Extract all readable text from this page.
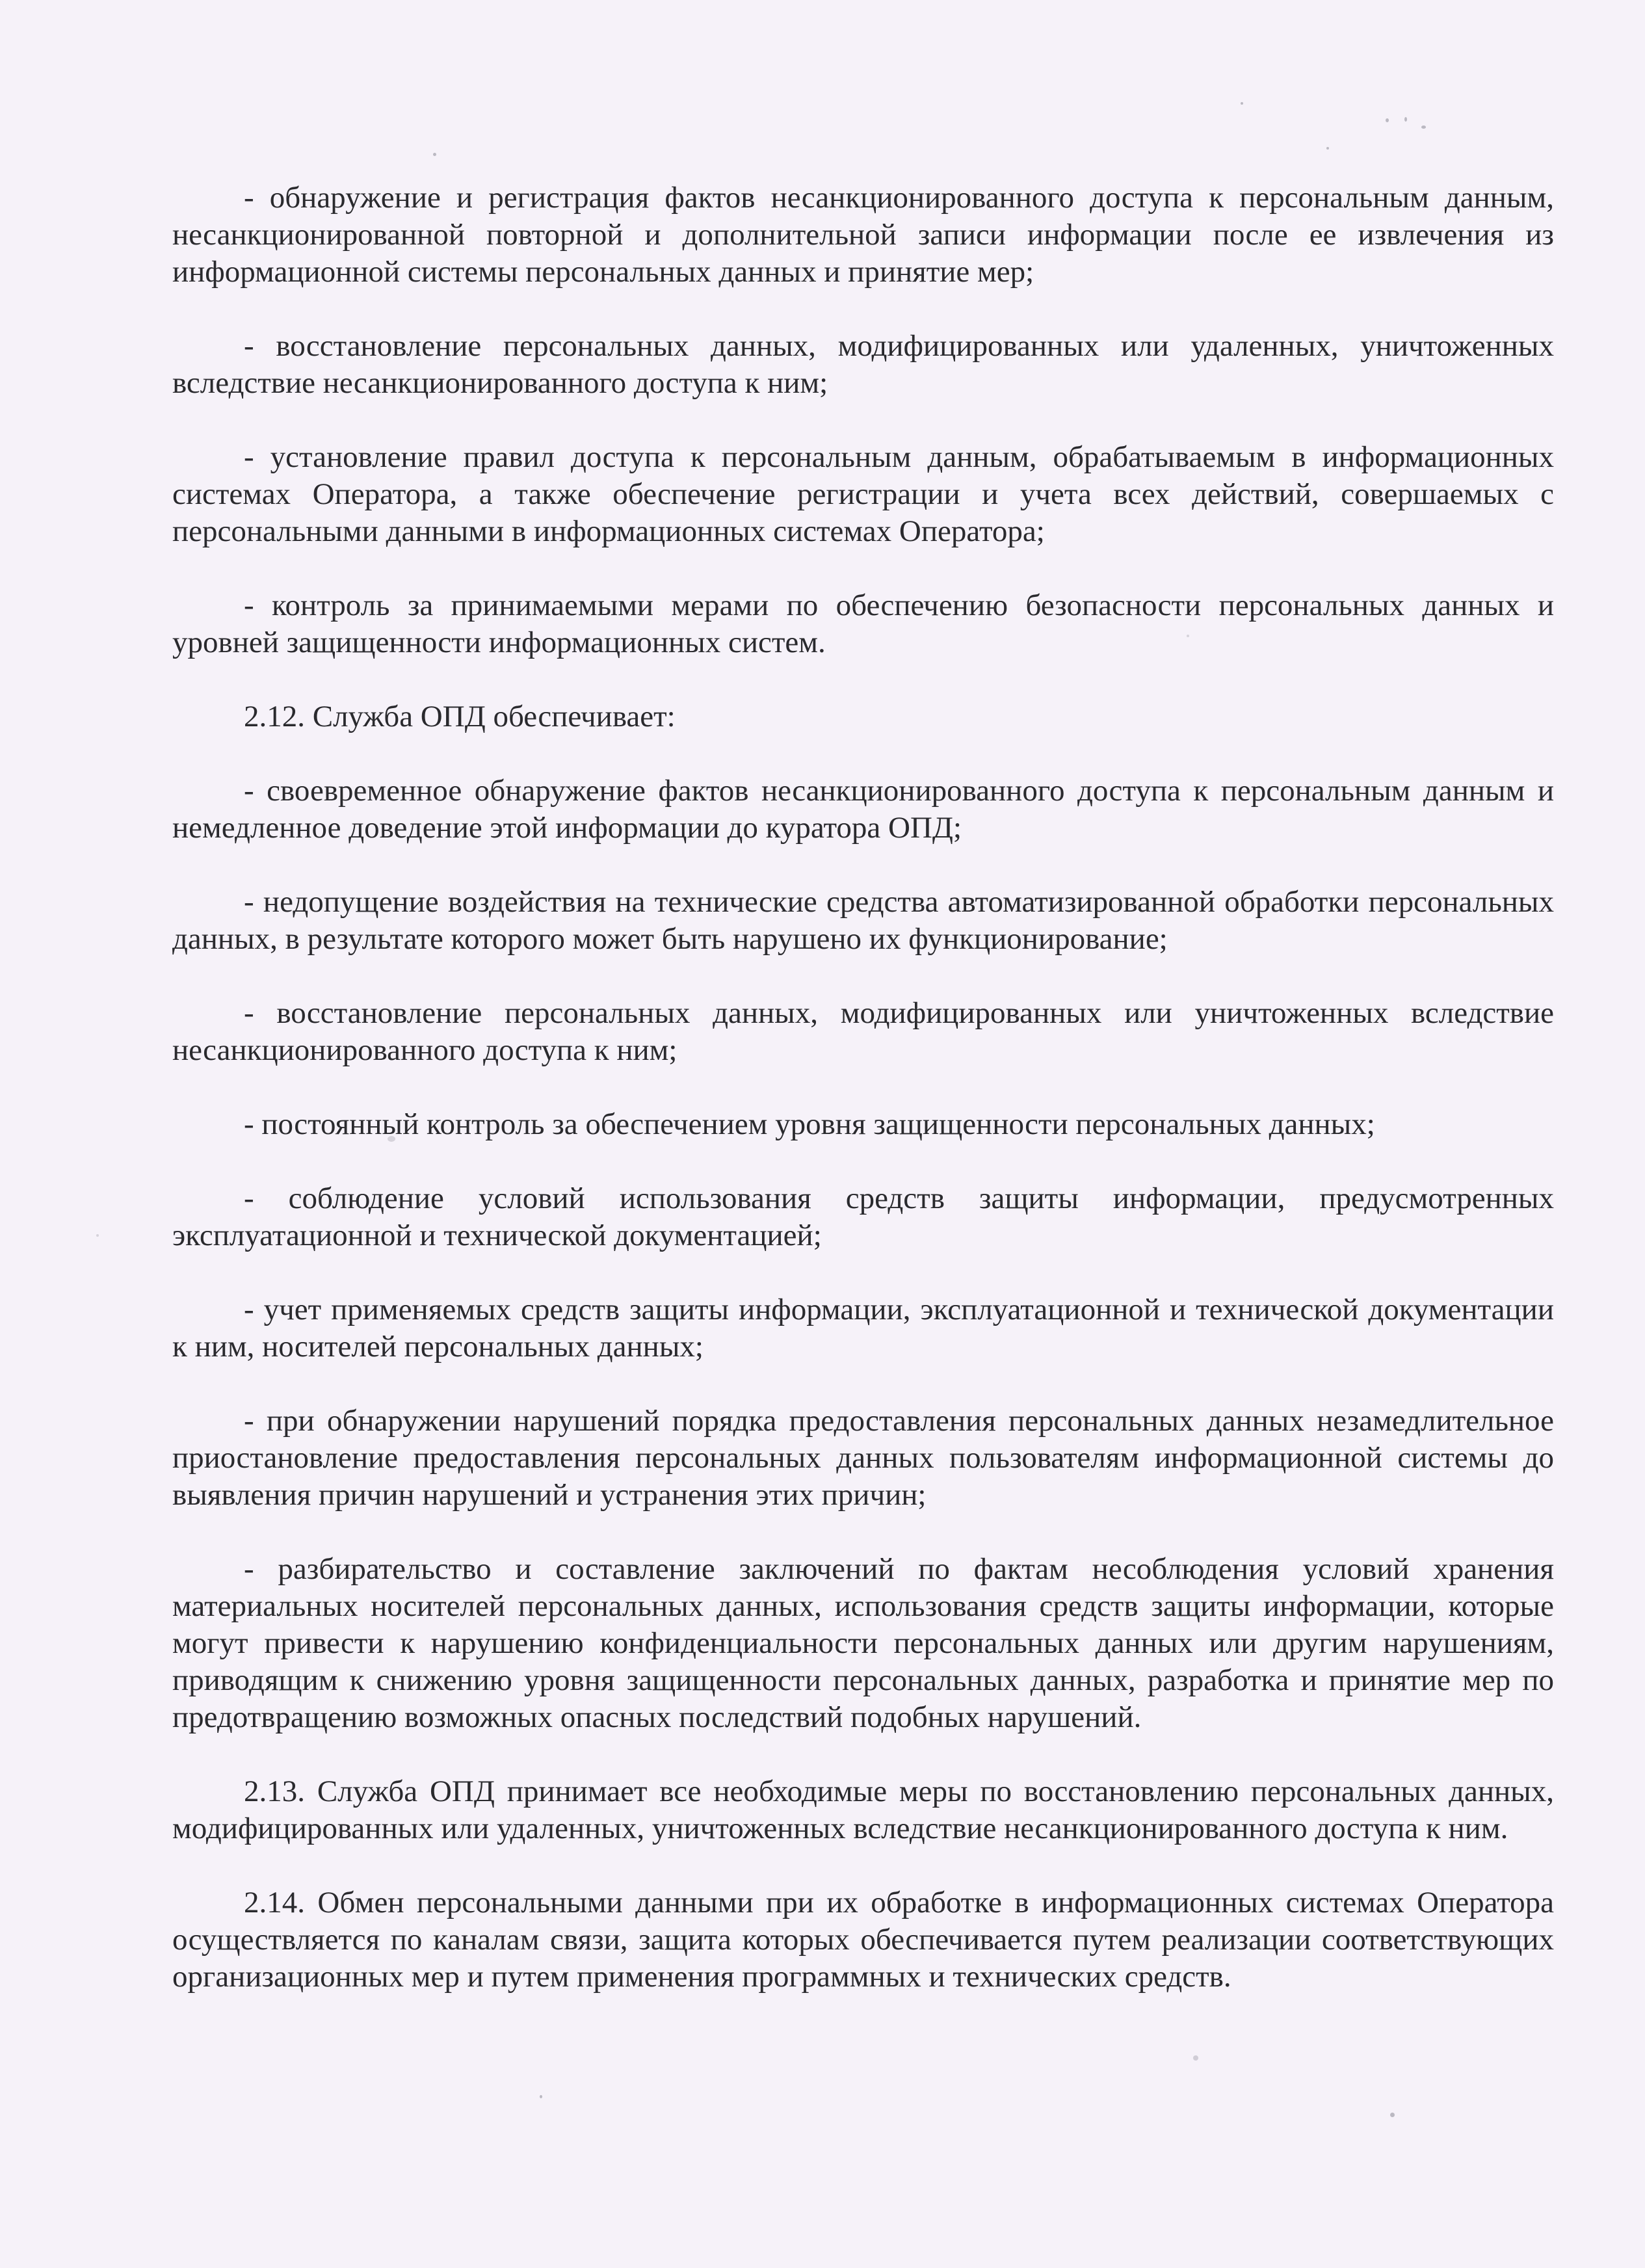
- обнаружение и регистрация фактов несанкционированного доступа к персональным данным, несанкционированной повторной и дополнительной записи информации после ее извлечения из информационной системы персональных данных и принятие мер;

- восстановление персональных данных, модифицированных или удаленных, уничтоженных вследствие несанкционированного доступа к ним;

- установление правил доступа к персональным данным, обрабатываемым в информационных системах Оператора, а также обеспечение регистрации и учета всех действий, совершаемых с персональными данными в информационных системах Оператора;

- контроль за принимаемыми мерами по обеспечению безопасности персональных данных и уровней защищенности информационных систем.

2.12. Служба ОПД обеспечивает:

- своевременное обнаружение фактов несанкционированного доступа к персональным данным и немедленное доведение этой информации до куратора ОПД;

- недопущение воздействия на технические средства автоматизированной обработки персональных данных, в результате которого может быть нарушено их функционирование;

- восстановление персональных данных, модифицированных или уничтоженных вследствие несанкционированного доступа к ним;

- постоянный контроль за обеспечением уровня защищенности персональных данных;

- соблюдение условий использования средств защиты информации, предусмотренных эксплуатационной и технической документацией;

- учет применяемых средств защиты информации, эксплуатационной и технической документации к ним, носителей персональных данных;

- при обнаружении нарушений порядка предоставления персональных данных незамедлительное приостановление предоставления персональных данных пользователям информационной системы до выявления причин нарушений и устранения этих причин;

- разбирательство и составление заключений по фактам несоблюдения условий хранения материальных носителей персональных данных, использования средств защиты информации, которые могут привести к нарушению конфиденциальности персональных данных или другим нарушениям, приводящим к снижению уровня защищенности персональных данных, разработка и принятие мер по предотвращению возможных опасных последствий подобных нарушений.

2.13. Служба ОПД принимает все необходимые меры по восстановлению персональных данных, модифицированных или удаленных, уничтоженных вследствие несанкционированного доступа к ним.

2.14. Обмен персональными данными при их обработке в информационных системах Оператора осуществляется по каналам связи, защита которых обеспечивается путем реализации соответствующих организационных мер и путем применения программных и технических средств.
